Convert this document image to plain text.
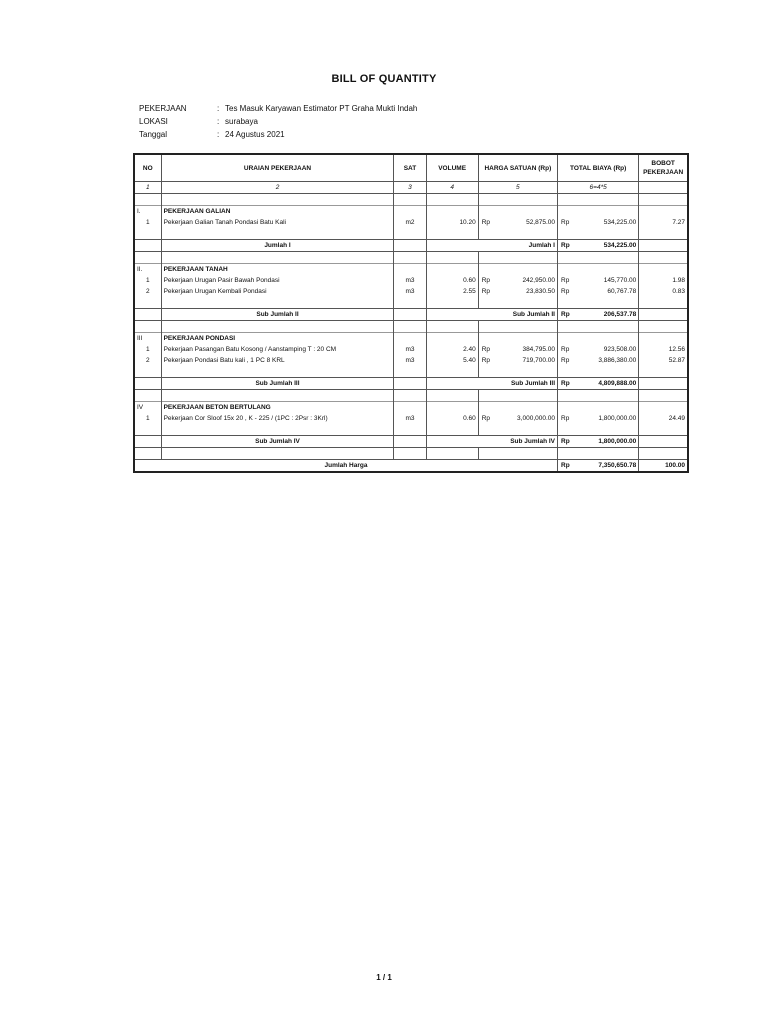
BILL OF QUANTITY
PEKERJAAN	: Tes Masuk Karyawan Estimator PT Graha Mukti Indah
LOKASI	: surabaya
Tanggal	: 24 Agustus 2021
NO	URAIAN PEKERJAAN	SAT	VOLUME	HARGA SATUAN (Rp)	TOTAL BIAYA (Rp)	BOBOT
PEKERJAAN
1	2	3	4	5	6=4*5	

I.	PEKERJAAN GALIAN					
1	Pekerjaan Galian Tanah Pondasi Batu Kali	m2	10.20	Rp 52,875.00	Rp 534,225.00	7.27

	Jumlah I		Jumlah I		Rp 534,225.00	

II.	PEKERJAAN TANAH					
1	Pekerjaan Urugan Pasir Bawah Pondasi	m3	0.60	Rp 242,950.00	Rp 145,770.00	1.98
2	Pekerjaan Urugan Kembali Pondasi	m3	2.55	Rp 23,830.50	Rp 60,767.78	0.83

	Sub Jumlah II		Sub Jumlah II		Rp 206,537.78	

III	PEKERJAAN PONDASI					
1	Pekerjaan Pasangan Batu Kosong / Aanstamping T : 20 CM	m3	2.40	Rp 384,795.00	Rp 923,508.00	12.56
2	Pekerjaan Pondasi Batu kali , 1 PC 8 KRL	m3	5.40	Rp 719,700.00	Rp 3,886,380.00	52.87

	Sub Jumlah III		Sub Jumlah III		Rp 4,809,888.00	

IV	PEKERJAAN BETON BERTULANG					
1	Pekerjaan Cor Sloof 15x 20 , K - 225 / (1PC : 2Psr : 3Krl)	m3	0.60	Rp 3,000,000.00	Rp 1,800,000.00	24.49

	Sub Jumlah IV		Sub Jumlah IV		Rp 1,800,000.00	

Jumlah Harga					Rp 7,350,650.78	100.00
1 / 1
